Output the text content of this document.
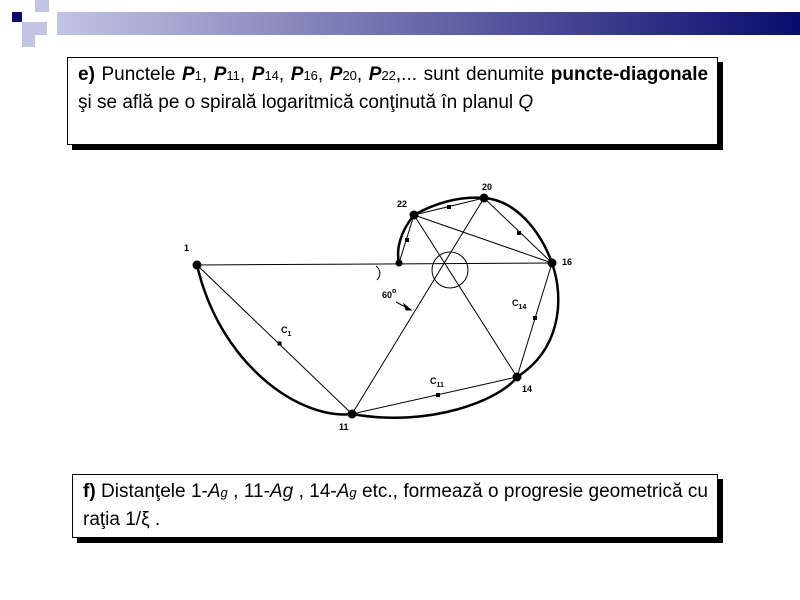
e) Punctele P1, P11, P14, P16, P20, P22,... sunt denumite puncte-diagonale şi se află pe o spirală logaritmică conţinută în planul Q
1
11
14
16
20
22
$C_1$
$C_{11}$
$C_{14}$
60$^o$
f) Distanţele 1-Ag , 11-Ag , 14-Ag etc., formează o progresie geometrică cu raţia 1/ξ .
